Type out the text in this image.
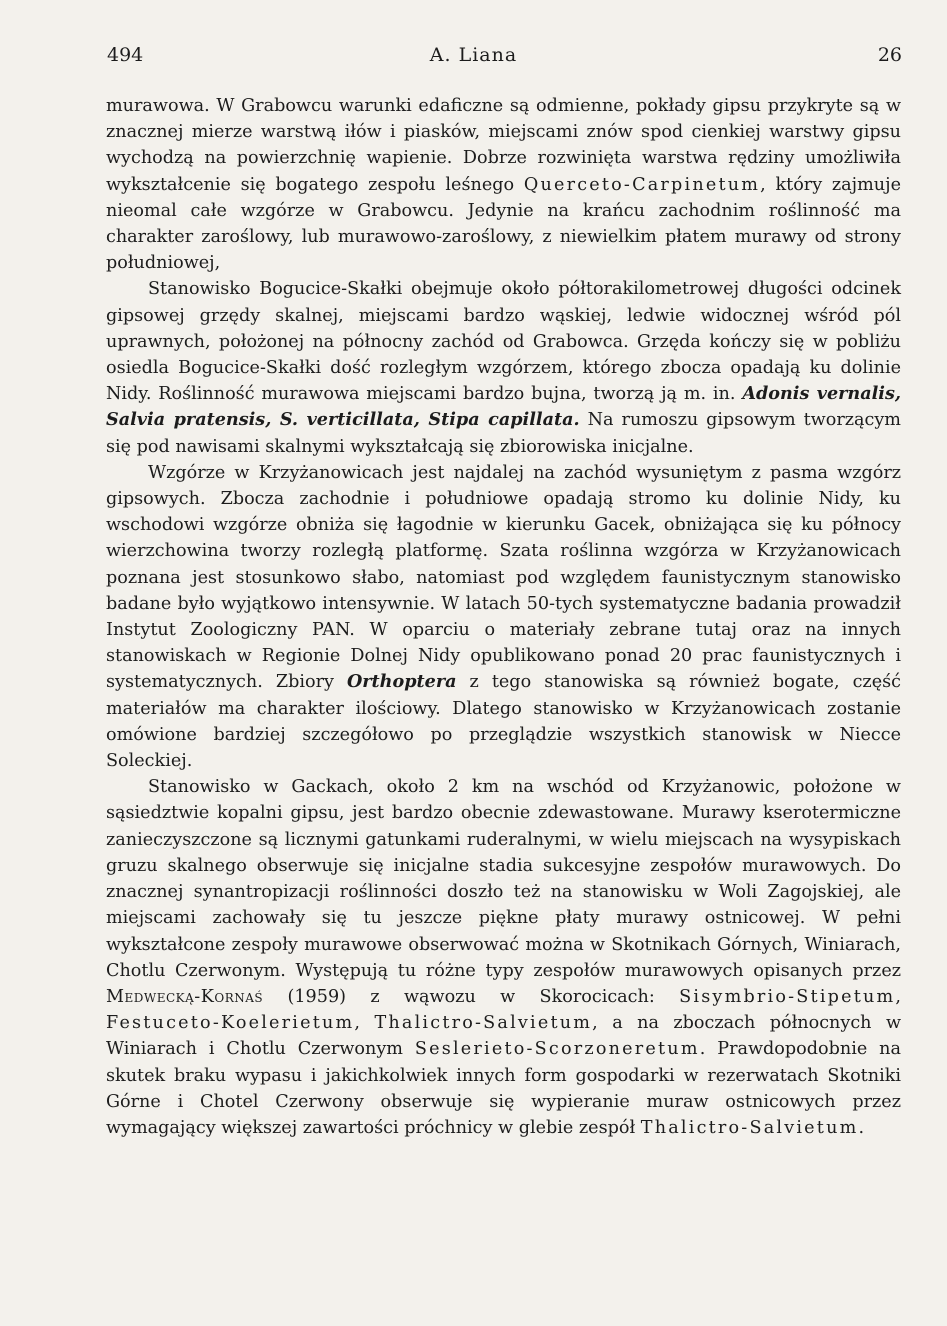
494	A. Liana	26

murawowa. W Grabowcu warunki edaficzne są odmienne, pokłady gipsu przykryte są w znacznej mierze warstwą iłów i piasków, miejscami znów spod cienkiej warstwy gipsu wychodzą na powierzchnię wapienie. Dobrze rozwinięta warstwa rędziny umożliwiła wykształcenie się bogatego zespołu leśnego Querceto-Carpinetum, który zajmuje nieomal całe wzgórze w Grabowcu. Jedynie na krańcu zachodnim roślinność ma charakter zaroślowy, lub murawowo-zaroślowy, z niewielkim płatem murawy od strony południowej,

Stanowisko Bogucice-Skałki obejmuje około półtorakilometrowej długości odcinek gipsowej grzędy skalnej, miejscami bardzo wąskiej, ledwie widocznej wśród pól uprawnych, położonej na północny zachód od Grabowca. Grzęda kończy się w pobliżu osiedla Bogucice-Skałki dość rozległym wzgórzem, którego zbocza opadają ku dolinie Nidy. Roślinność murawowa miejscami bardzo bujna, tworzą ją m. in. Adonis vernalis, Salvia pratensis, S. verticillata, Stipa capillata. Na rumoszu gipsowym tworzącym się pod nawisami skalnymi wykształcają się zbiorowiska inicjalne.

Wzgórze w Krzyżanowicach jest najdalej na zachód wysuniętym z pasma wzgórz gipsowych. Zbocza zachodnie i południowe opadają stromo ku dolinie Nidy, ku wschodowi wzgórze obniża się łagodnie w kierunku Gacek, obniżająca się ku północy wierzchowina tworzy rozległą platformę. Szata roślinna wzgórza w Krzyżanowicach poznana jest stosunkowo słabo, natomiast pod względem faunistycznym stanowisko badane było wyjątkowo intensywnie. W latach 50-tych systematyczne badania prowadził Instytut Zoologiczny PAN. W oparciu o materiały zebrane tutaj oraz na innych stanowiskach w Regionie Dolnej Nidy opublikowano ponad 20 prac faunistycznych i systematycznych. Zbiory Orthoptera z tego stanowiska są również bogate, część materiałów ma charakter ilościowy. Dlatego stanowisko w Krzyżanowicach zostanie omówione bardziej szczegółowo po przeglądzie wszystkich stanowisk w Niecce Soleckiej.

Stanowisko w Gackach, około 2 km na wschód od Krzyżanowic, położone w sąsiedztwie kopalni gipsu, jest bardzo obecnie zdewastowane. Murawy kserotermiczne zanieczyszczone są licznymi gatunkami ruderalnymi, w wielu miejscach na wysypiskach gruzu skalnego obserwuje się inicjalne stadia sukcesyjne zespołów murawowych. Do znacznej synantropizacji roślinności doszło też na stanowisku w Woli Zagojskiej, ale miejscami zachowały się tu jeszcze piękne płaty murawy ostnicowej. W pełni wykształcone zespoły murawowe obserwować można w Skotnikach Górnych, Winiarach, Chotlu Czerwonym. Występują tu różne typy zespołów murawowych opisanych przez Medwecką-Kornaś (1959) z wąwozu w Skorocicach: Sisymbrio-Stipetum, Festuceto-Koelerietum, Thalictro-Salvietum, a na zboczach północnych w Winiarach i Chotlu Czerwonym Seslerieto-Scorzoneretum. Prawdopodobnie na skutek braku wypasu i jakichkolwiek innych form gospodarki w rezerwatach Skotniki Górne i Chotel Czerwony obserwuje się wypieranie muraw ostnicowych przez wymagający większej zawartości próchnicy w glebie zespół Thalictro-Salvietum.
